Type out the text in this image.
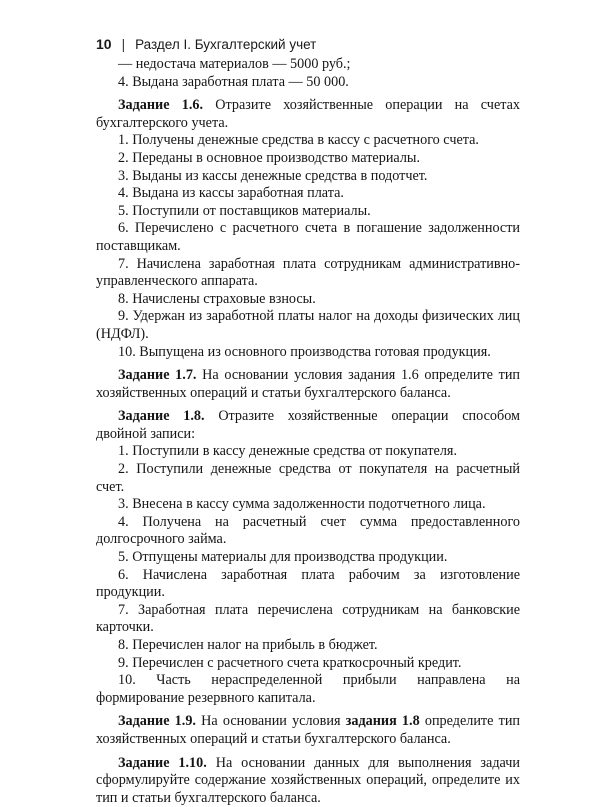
10 | Раздел I. Бухгалтерский учет

— недостача материалов — 5000 руб.;

4. Выдана заработная плата — 50 000.

Задание 1.6. Отразите хозяйственные операции на счетах бухгалтерского учета.

1. Получены денежные средства в кассу с расчетного счета.

2. Переданы в основное производство материалы.

3. Выданы из кассы денежные средства в подотчет.

4. Выдана из кассы заработная плата.

5. Поступили от поставщиков материалы.

6. Перечислено с расчетного счета в погашение задолженности поставщикам.

7. Начислена заработная плата сотрудникам административно-управленческого аппарата.

8. Начислены страховые взносы.

9. Удержан из заработной платы налог на доходы физических лиц (НДФЛ).

10. Выпущена из основного производства готовая продукция.

Задание 1.7. На основании условия задания 1.6 определите тип хозяйственных операций и статьи бухгалтерского баланса.

Задание 1.8. Отразите хозяйственные операции способом двойной записи:

1. Поступили в кассу денежные средства от покупателя.

2. Поступили денежные средства от покупателя на расчетный счет.

3. Внесена в кассу сумма задолженности подотчетного лица.

4. Получена на расчетный счет сумма предоставленного долгосрочного займа.

5. Отпущены материалы для производства продукции.

6. Начислена заработная плата рабочим за изготовление продукции.

7. Заработная плата перечислена сотрудникам на банковские карточки.

8. Перечислен налог на прибыль в бюджет.

9. Перечислен с расчетного счета краткосрочный кредит.

10. Часть нераспределенной прибыли направлена на формирование резервного капитала.

Задание 1.9. На основании условия задания 1.8 определите тип хозяйственных операций и статьи бухгалтерского баланса.

Задание 1.10. На основании данных для выполнения задачи сформулируйте содержание хозяйственных операций, определите их тип и статьи бухгалтерского баланса.
